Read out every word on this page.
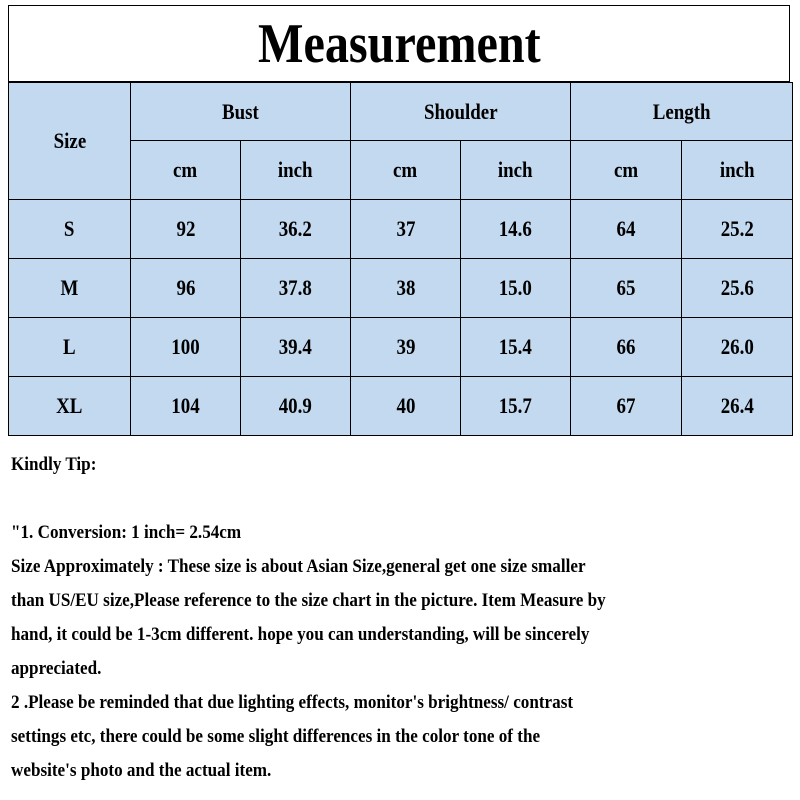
Measurement
Size	Bust		Shoulder		Length	
	cm	inch	cm	inch	cm	inch
S	92	36.2	37	14.6	64	25.2
M	96	37.8	38	15.0	65	25.6
L	100	39.4	39	15.4	66	26.0
XL	104	40.9	40	15.7	67	26.4

Kindly Tip:

"1. Conversion: 1 inch= 2.54cm

Size Approximately : These size is about Asian Size,general get one size smaller

than US/EU size,Please reference to the size chart in the picture. Item Measure by

hand, it could be 1-3cm different. hope you can understanding, will be sincerely

appreciated.

2 .Please be reminded that due lighting effects, monitor's brightness/ contrast

settings etc, there could be some slight differences in the color tone of the

website's photo and the actual item.
